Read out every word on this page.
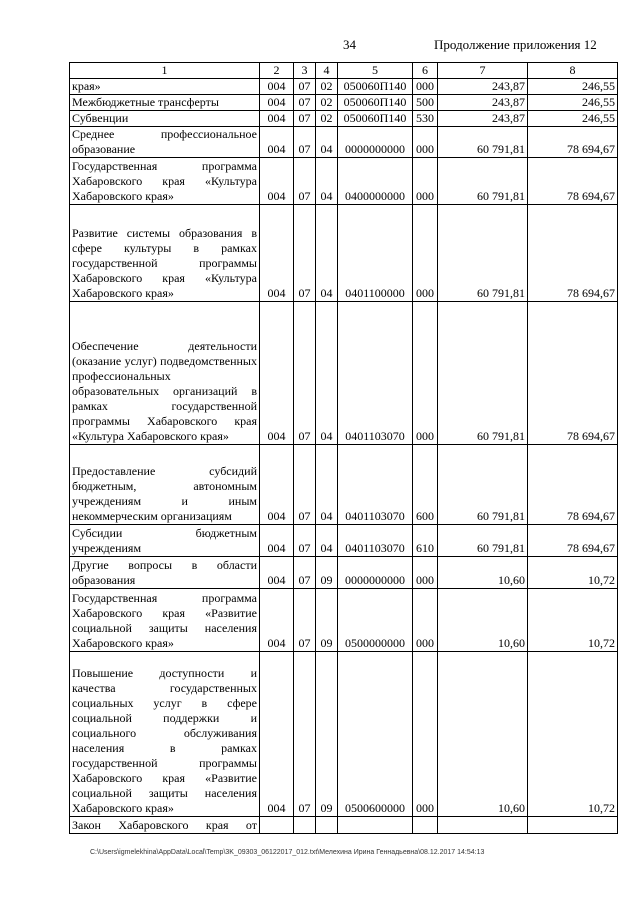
34	Продолжение приложения 12
1	2	3	4	5	6	7	8
края»	004	07	02	050060П140	000	243,87	246,55
Межбюджетные трансферты	004	07	02	050060П140	500	243,87	246,55
Субвенции	004	07	02	050060П140	530	243,87	246,55
Среднее профессиональное образование	004	07	04	0000000000	000	60 791,81	78 694,67
Государственная программа Хабаровского края «Культура Хабаровского края»	004	07	04	0400000000	000	60 791,81	78 694,67
Развитие системы образования в сфере культуры в рамках государственной программы Хабаровского края «Культура Хабаровского края»	004	07	04	0401100000	000	60 791,81	78 694,67
Обеспечение деятельности (оказание услуг) подведомственных профессиональных образовательных организаций в рамках государственной программы Хабаровского края «Культура Хабаровского края»	004	07	04	0401103070	000	60 791,81	78 694,67
Предоставление субсидий бюджетным, автономным учреждениям и иным некоммерческим организациям	004	07	04	0401103070	600	60 791,81	78 694,67
Субсидии бюджетным учреждениям	004	07	04	0401103070	610	60 791,81	78 694,67
Другие вопросы в области образования	004	07	09	0000000000	000	10,60	10,72
Государственная программа Хабаровского края «Развитие социальной защиты населения Хабаровского края»	004	07	09	0500000000	000	10,60	10,72
Повышение доступности и качества государственных социальных услуг в сфере социальной поддержки и социального обслуживания населения в рамках государственной программы Хабаровского края «Развитие социальной защиты населения Хабаровского края»	004	07	09	0500600000	000	10,60	10,72
Закон Хабаровского края от							
C:\Users\igmelekhina\AppData\Local\Temp\3K_09303_06122017_012.txt\Мелехина Ирина Геннадьевна\08.12.2017 14:54:13
